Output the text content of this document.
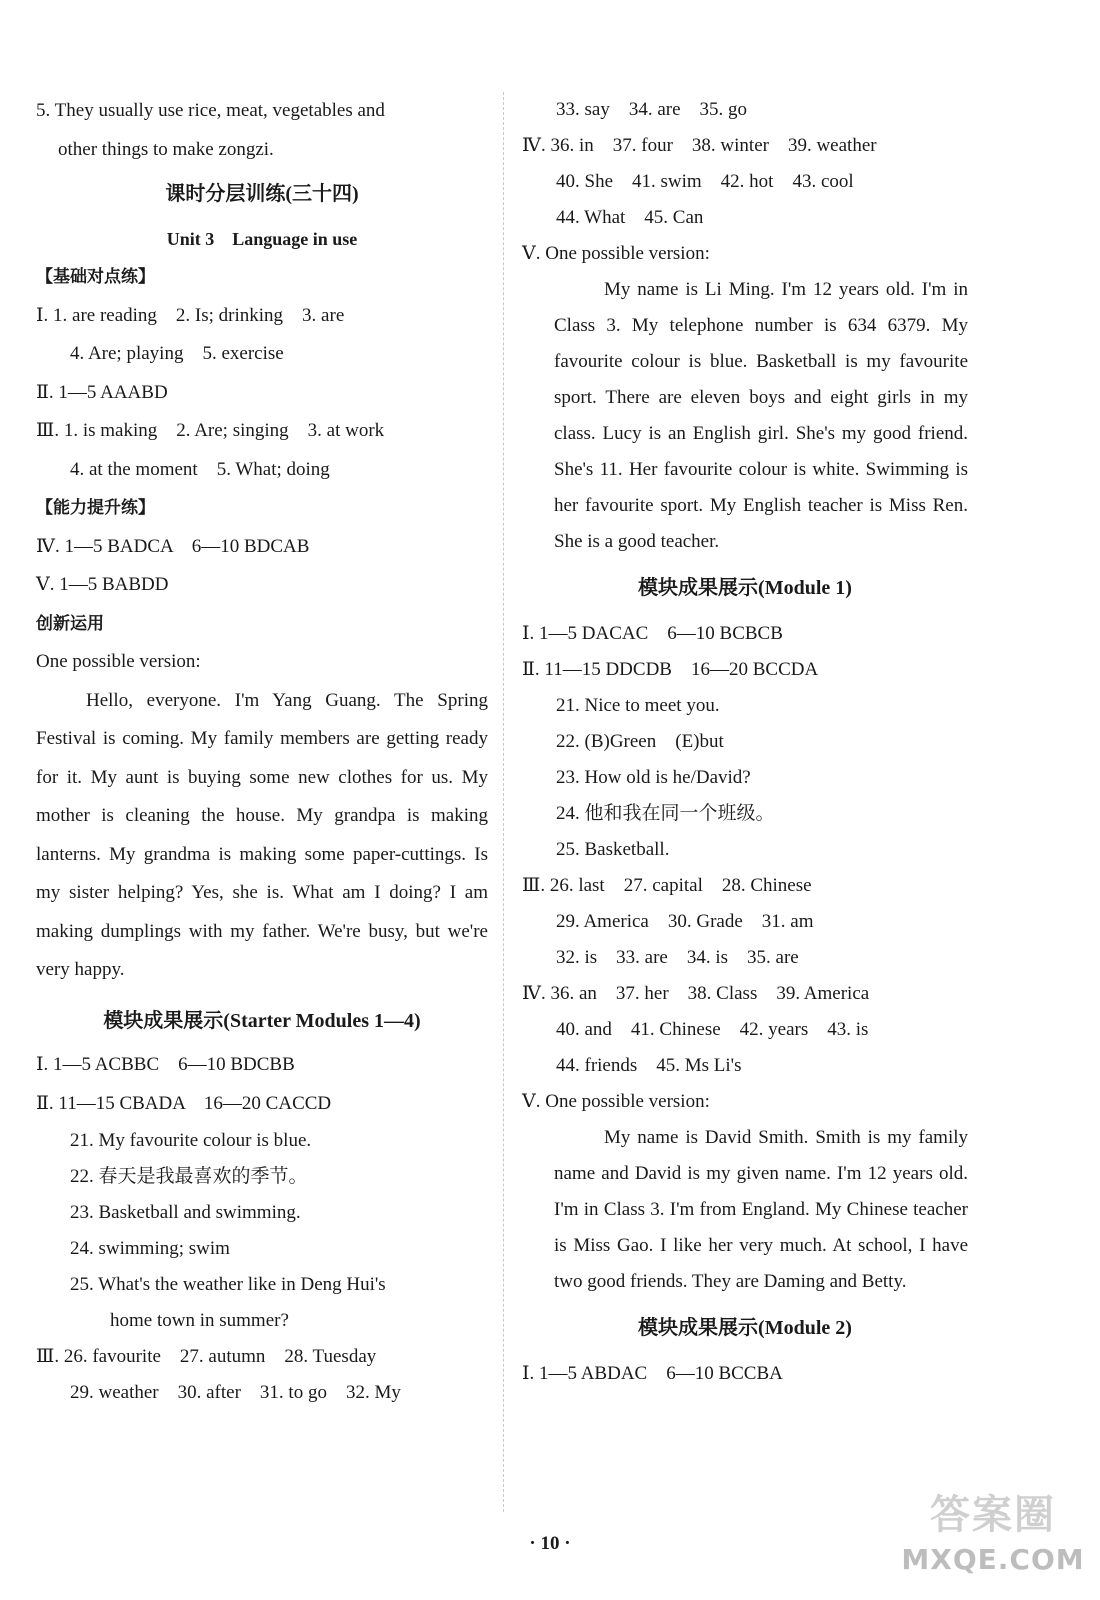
5. They usually use rice, meat, vegetables and
other things to make zongzi.
课时分层训练(三十四)
Unit 3　Language in use
【基础对点练】
Ⅰ. 1. are reading　2. Is; drinking　3. are
4. Are; playing　5. exercise
Ⅱ. 1—5 AAABD
Ⅲ. 1. is making　2. Are; singing　3. at work
4. at the moment　5. What; doing
【能力提升练】
Ⅳ. 1—5 BADCA　6—10 BDCAB
Ⅴ. 1—5 BABDD
创新运用
One possible version:
Hello, everyone. I'm Yang Guang. The Spring Festival is coming. My family members are getting ready for it. My aunt is buying some new clothes for us. My mother is cleaning the house. My grandpa is making lanterns. My grandma is making some paper-cuttings. Is my sister helping? Yes, she is. What am I doing? I am making dumplings with my father. We're busy, but we're very happy.
模块成果展示(Starter Modules 1—4)
Ⅰ. 1—5 ACBBC　6—10 BDCBB
Ⅱ. 11—15 CBADA　16—20 CACCD
21. My favourite colour is blue.
22. 春天是我最喜欢的季节。
23. Basketball and swimming.
24. swimming; swim
25. What's the weather like in Deng Hui's
home town in summer?
Ⅲ. 26. favourite　27. autumn　28. Tuesday
29. weather　30. after　31. to go　32. My
33. say　34. are　35. go
Ⅳ. 36. in　37. four　38. winter　39. weather
40. She　41. swim　42. hot　43. cool
44. What　45. Can
Ⅴ. One possible version:
My name is Li Ming. I'm 12 years old. I'm in Class 3. My telephone number is 634 6379. My favourite colour is blue. Basketball is my favourite sport. There are eleven boys and eight girls in my class. Lucy is an English girl. She's my good friend. She's 11. Her favourite colour is white. Swimming is her favourite sport. My English teacher is Miss Ren. She is a good teacher.
模块成果展示(Module 1)
Ⅰ. 1—5 DACAC　6—10 BCBCB
Ⅱ. 11—15 DDCDB　16—20 BCCDA
21. Nice to meet you.
22. (B)Green　(E)but
23. How old is he/David?
24. 他和我在同一个班级。
25. Basketball.
Ⅲ. 26. last　27. capital　28. Chinese
29. America　30. Grade　31. am
32. is　33. are　34. is　35. are
Ⅳ. 36. an　37. her　38. Class　39. America
40. and　41. Chinese　42. years　43. is
44. friends　45. Ms Li's
Ⅴ. One possible version:
My name is David Smith. Smith is my family name and David is my given name. I'm 12 years old. I'm in Class 3. I'm from England. My Chinese teacher is Miss Gao. I like her very much. At school, I have two good friends. They are Daming and Betty.
模块成果展示(Module 2)
Ⅰ. 1—5 ABDAC　6—10 BCCBA
· 10 ·
答案圈
MXQE.COM
